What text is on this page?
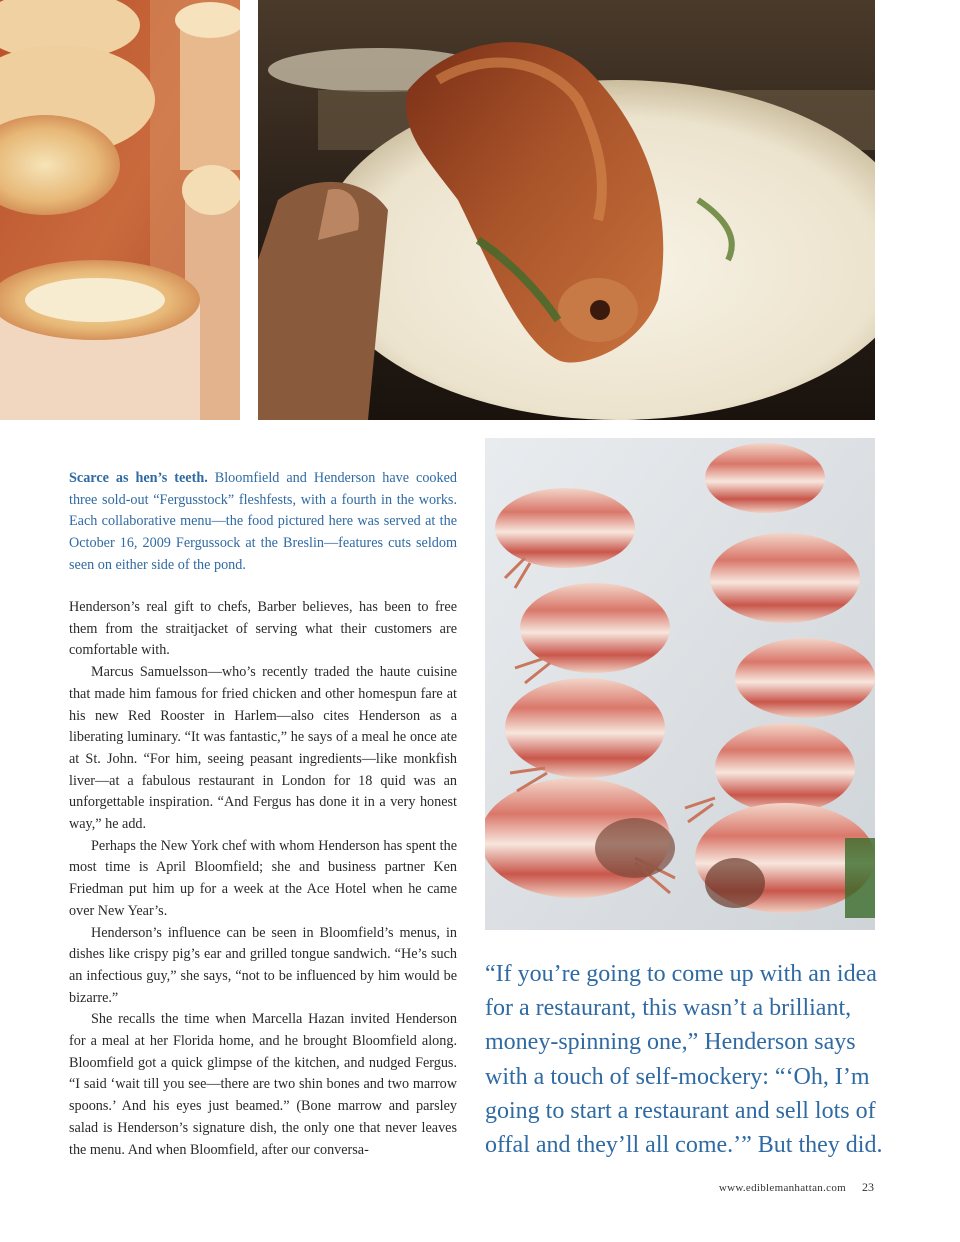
Scarce as hen’s teeth. Bloomfield and Henderson have cooked three sold-out “Fergusstock” fleshfests, with a fourth in the works. Each collaborative menu—the food pictured here was served at the October 16, 2009 Fergussock at the Breslin—features cuts seldom seen on either side of the pond.

Henderson’s real gift to chefs, Barber believes, has been to free them from the straitjacket of serving what their customers are comfortable with.

Marcus Samuelsson—who’s recently traded the haute cuisine that made him famous for fried chicken and other homespun fare at his new Red Rooster in Harlem—also cites Henderson as a liberating luminary. “It was fantastic,” he says of a meal he once ate at St. John. “For him, seeing peasant ingredients—like monkfish liver—at a fabulous restaurant in London for 18 quid was an unforgettable inspiration. “And Fergus has done it in a very honest way,” he add.

Perhaps the New York chef with whom Henderson has spent the most time is April Bloomfield; she and business partner Ken Friedman put him up for a week at the Ace Hotel when he came over New Year’s.

Henderson’s influence can be seen in Bloomfield’s menus, in dishes like crispy pig’s ear and grilled tongue sandwich. “He’s such an infectious guy,” she says, “not to be influenced by him would be bizarre.”

She recalls the time when Marcella Hazan invited Henderson for a meal at her Florida home, and he brought Bloomfield along. Bloomfield got a quick glimpse of the kitchen, and nudged Fergus. “I said ‘wait till you see—there are two shin bones and two marrow spoons.’ And his eyes just beamed.” (Bone marrow and parsley salad is Henderson’s signature dish, the only one that never leaves the menu. And when Bloomfield, after our conversa-

“If you’re going to come up with an idea for a restaurant, this wasn’t a brilliant, money-spinning one,” Henderson says with a touch of self-mockery: “‘Oh, I’m going to start a restaurant and sell lots of offal and they’ll all come.’” But they did.
www.ediblemanhattan.com 23
